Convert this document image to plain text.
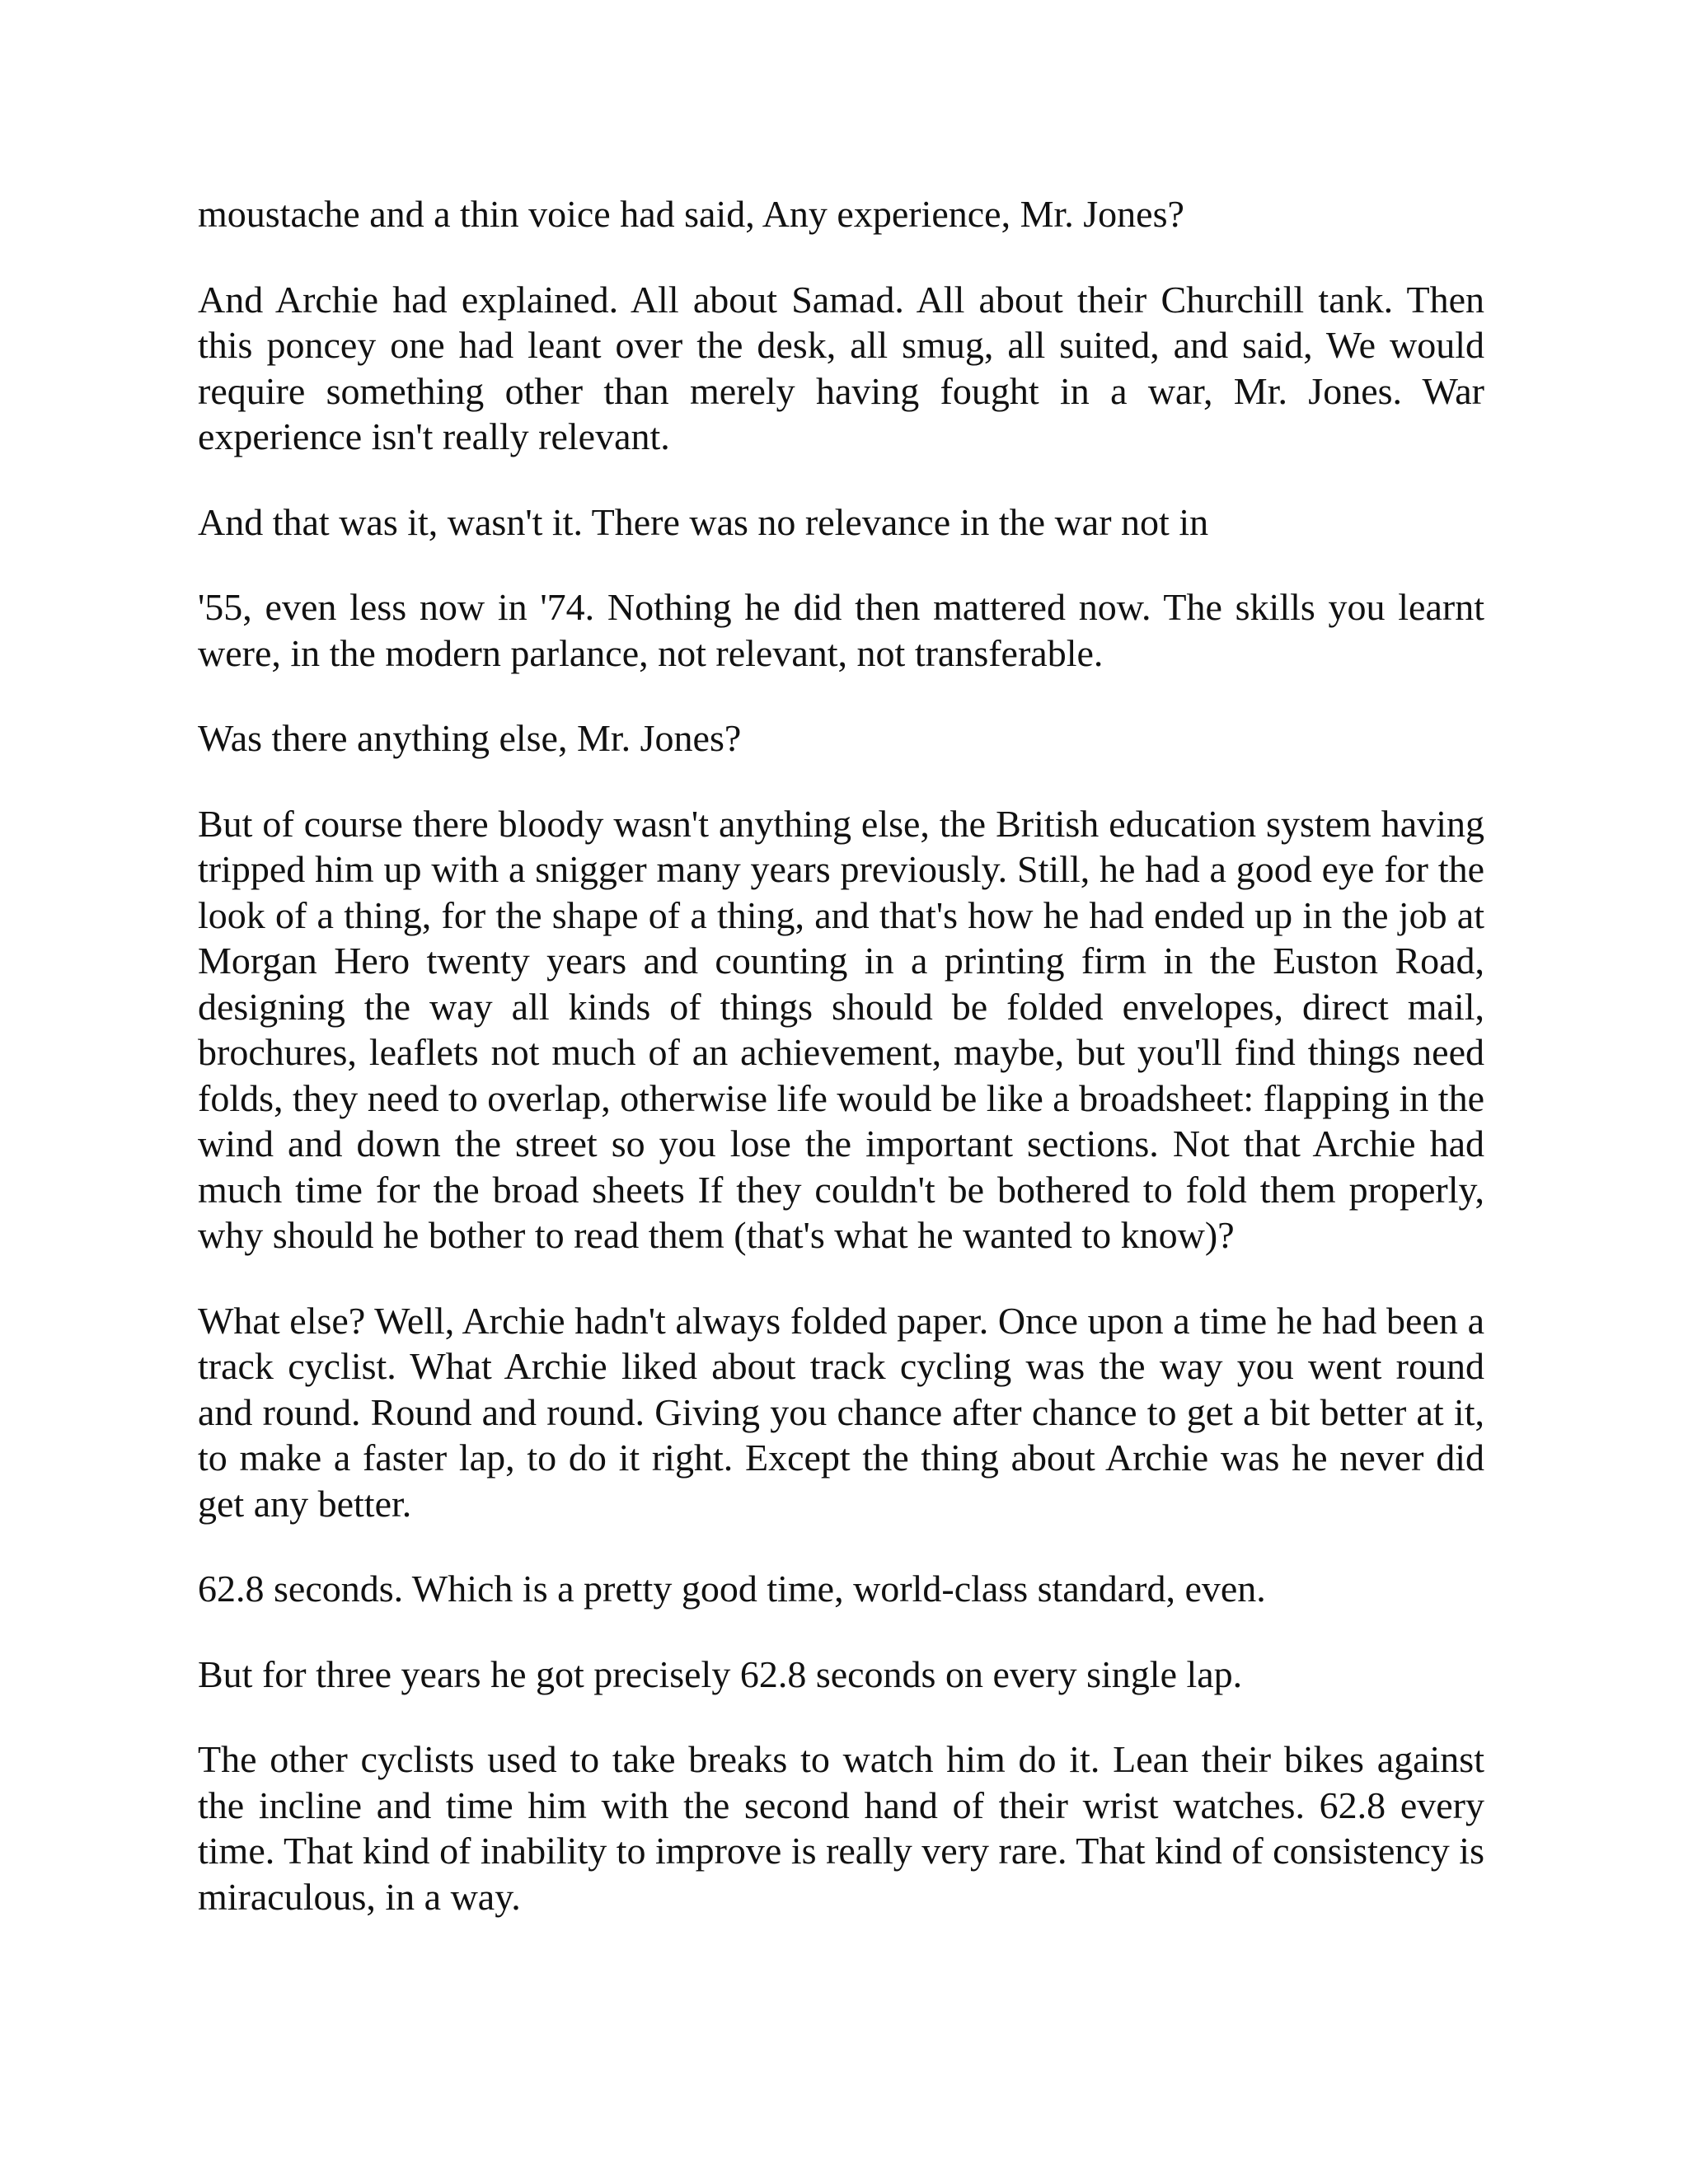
moustache and a thin voice had said, Any experience, Mr. Jones?

And Archie had explained. All about Samad. All about their Churchill tank. Then this poncey one had leant over the desk, all smug, all suited, and said, We would require something other than merely having fought in a war, Mr. Jones. War experience isn't really relevant.

And that was it, wasn't it. There was no relevance in the war not in

'55, even less now in '74. Nothing he did then mattered now. The skills you learnt were, in the modern parlance, not relevant, not transferable.

Was there anything else, Mr. Jones?

But of course there bloody wasn't anything else, the British education system having tripped him up with a snigger many years previously. Still, he had a good eye for the look of a thing, for the shape of a thing, and that's how he had ended up in the job at Morgan Hero twenty years and counting in a printing firm in the Euston Road, designing the way all kinds of things should be folded envelopes, direct mail, brochures, leaflets not much of an achievement, maybe, but you'll find things need folds, they need to overlap, otherwise life would be like a broadsheet: flapping in the wind and down the street so you lose the important sections. Not that Archie had much time for the broad sheets If they couldn't be bothered to fold them properly, why should he bother to read them (that's what he wanted to know)?

What else? Well, Archie hadn't always folded paper. Once upon a time he had been a track cyclist. What Archie liked about track cycling was the way you went round and round. Round and round. Giving you chance after chance to get a bit better at it, to make a faster lap, to do it right. Except the thing about Archie was he never did get any better.

62.8 seconds. Which is a pretty good time, world-class standard, even.

But for three years he got precisely 62.8 seconds on every single lap.

The other cyclists used to take breaks to watch him do it. Lean their bikes against the incline and time him with the second hand of their wrist watches. 62.8 every time. That kind of inability to improve is really very rare. That kind of consistency is miraculous, in a way.
